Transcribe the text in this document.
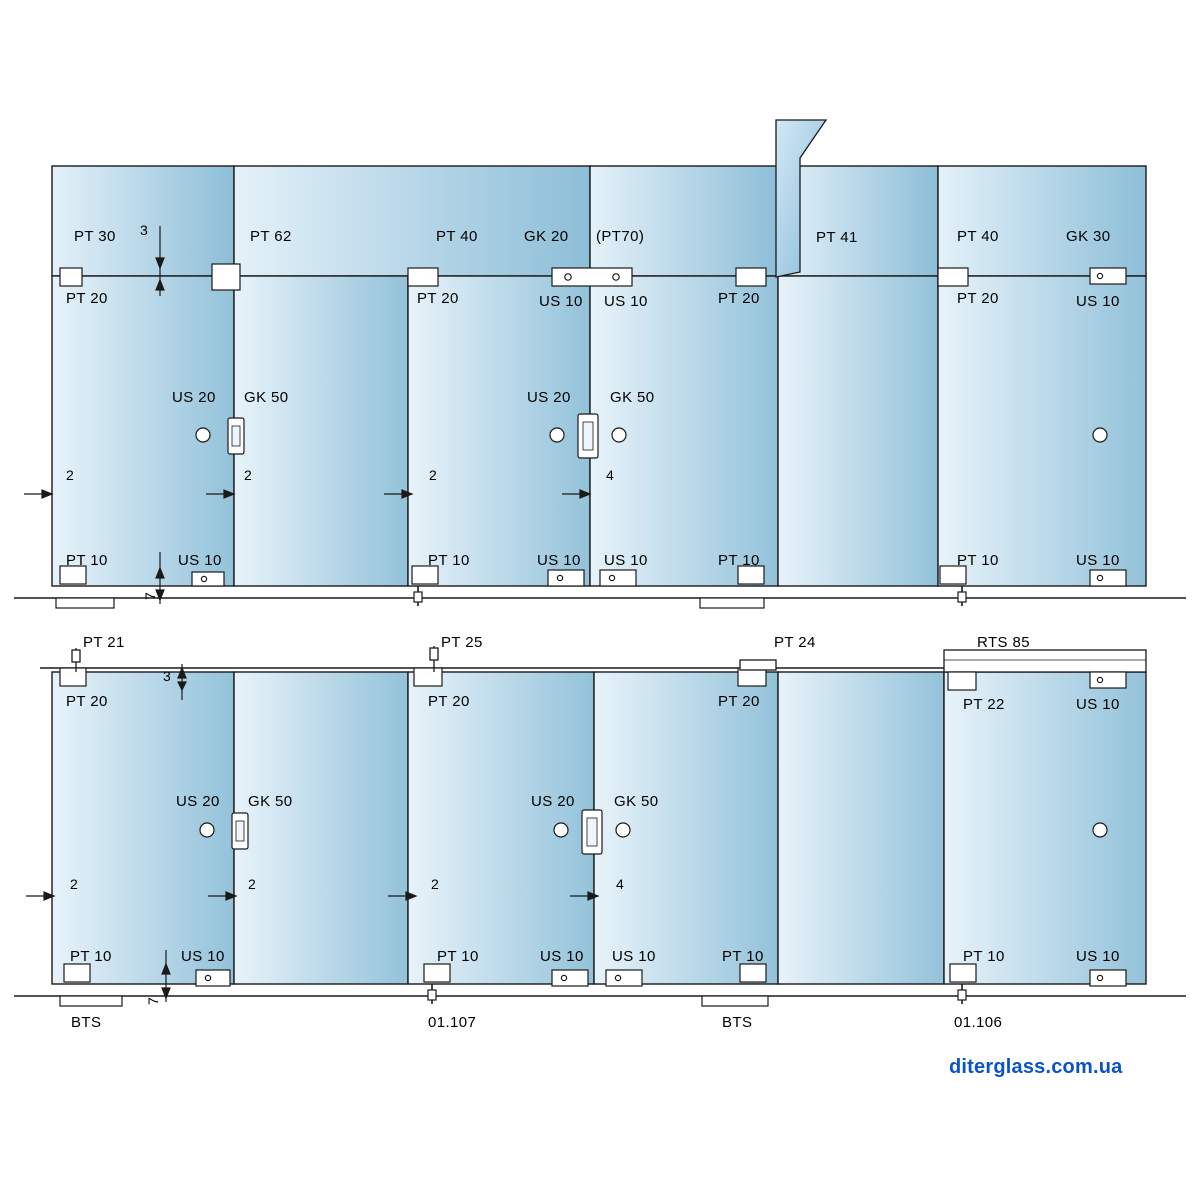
PT 30	PT 62	PT 40	GK 20 (PT70)	PT 40	GK 30
PT 41
3
PT 20	PT 20	US 10 US 10	PT 20	PT 20	US 10
US 20 GK 50	US 20	GK 50
2	2	2	4
PT 10	US 10	PT 10	US 10 US 10	PT 10	PT 10	US 10
7
PT 21	PT 25	PT 24	RTS 85
3
PT 20	PT 20	PT 20	PT 22	US 10
US 20 GK 50	US 20	GK 50
2	2	2	4
PT 10	US 10	PT 10	US 10 US 10	PT 10	PT 10	US 10
7
BTS	01.107	BTS	01.106
diterglass.com.ua
